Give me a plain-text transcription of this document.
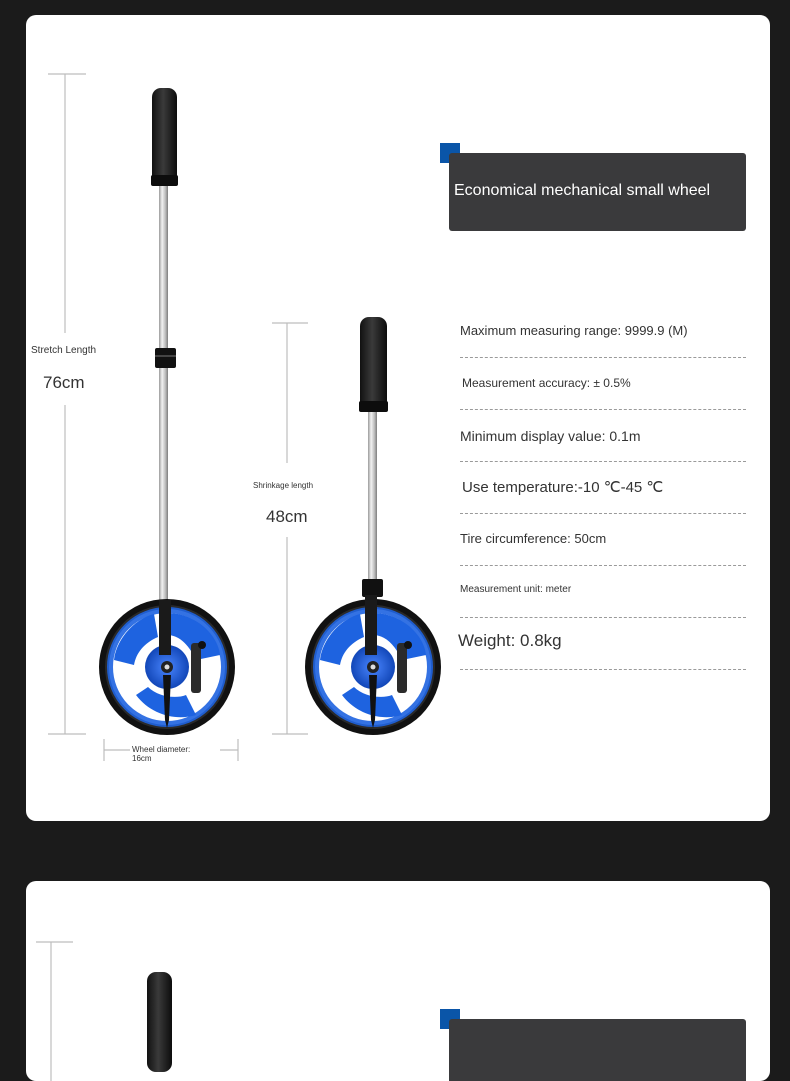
Stretch Length
76cm
Shrinkage length
48cm
Wheel diameter:
16cm
Economical mechanical small wheel
Maximum measuring range: 9999.9 (M)
Measurement accuracy: ± 0.5%
Minimum display value: 0.1m
Use temperature:-10 ℃-45 ℃
Tire circumference: 50cm
Measurement unit: meter
Weight: 0.8kg
